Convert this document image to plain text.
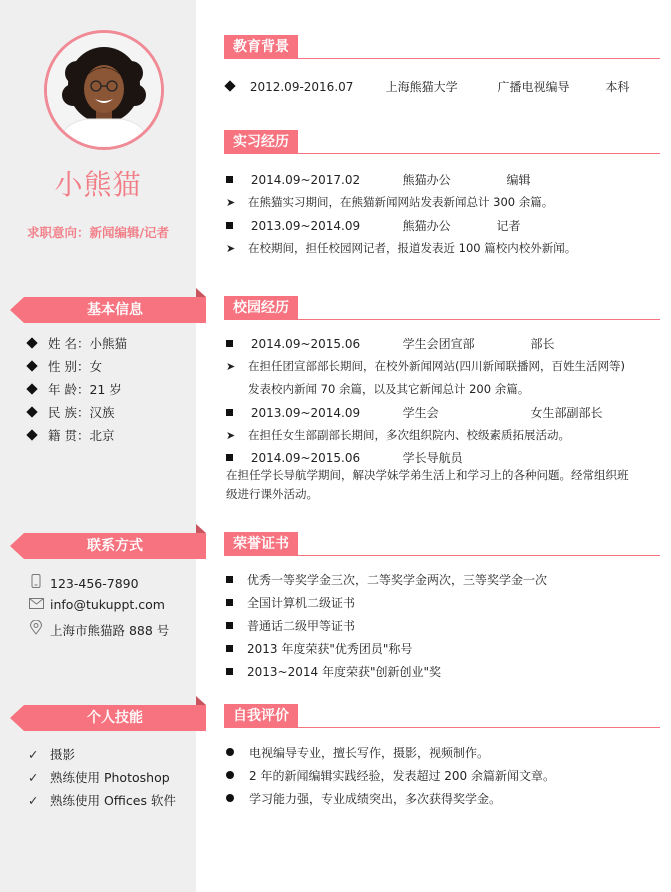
小熊猫
求职意向：新闻编辑/记者
基本信息
姓 名：小熊猫
性 别：女
年 龄：21 岁
民 族：汉族
籍 贯：北京
联系方式
123-456-7890
info@tukuppt.com
上海市熊猫路 888 号
个人技能
✓ 摄影
✓ 熟练使用 Photoshop
✓ 熟练使用 Offices 软件
教育背景
2012.09-2016.07	上海熊猫大学	广播电视编导	本科
实习经历
2014.09~2017.02	熊猫办公	编辑
➤ 在熊猫实习期间，在熊猫新闻网站发表新闻总计 300 余篇。
2013.09~2014.09	熊猫办公	记者
➤ 在校期间，担任校园网记者，报道发表近 100 篇校内校外新闻。
校园经历
2014.09~2015.06	学生会团宣部	部长
➤ 在担任团宣部部长期间，在校外新闻网站(四川新闻联播网，百姓生活网等)
发表校内新闻 70 余篇，以及其它新闻总计 200 余篇。
2013.09~2014.09	学生会	女生部副部长
➤ 在担任女生部副部长期间，多次组织院内、校级素质拓展活动。
2014.09~2015.06	学长导航员
在担任学长导航学期间，解决学妹学弟生活上和学习上的各种问题。经常组织班
级进行课外活动。
荣誉证书
优秀一等奖学金三次，二等奖学金两次，三等奖学金一次
全国计算机二级证书
普通话二级甲等证书
2013 年度荣获"优秀团员"称号
2013~2014 年度荣获"创新创业"奖
自我评价
电视编导专业，擅长写作，摄影，视频制作。
2 年的新闻编辑实践经验，发表超过 200 余篇新闻文章。
学习能力强，专业成绩突出，多次获得奖学金。
